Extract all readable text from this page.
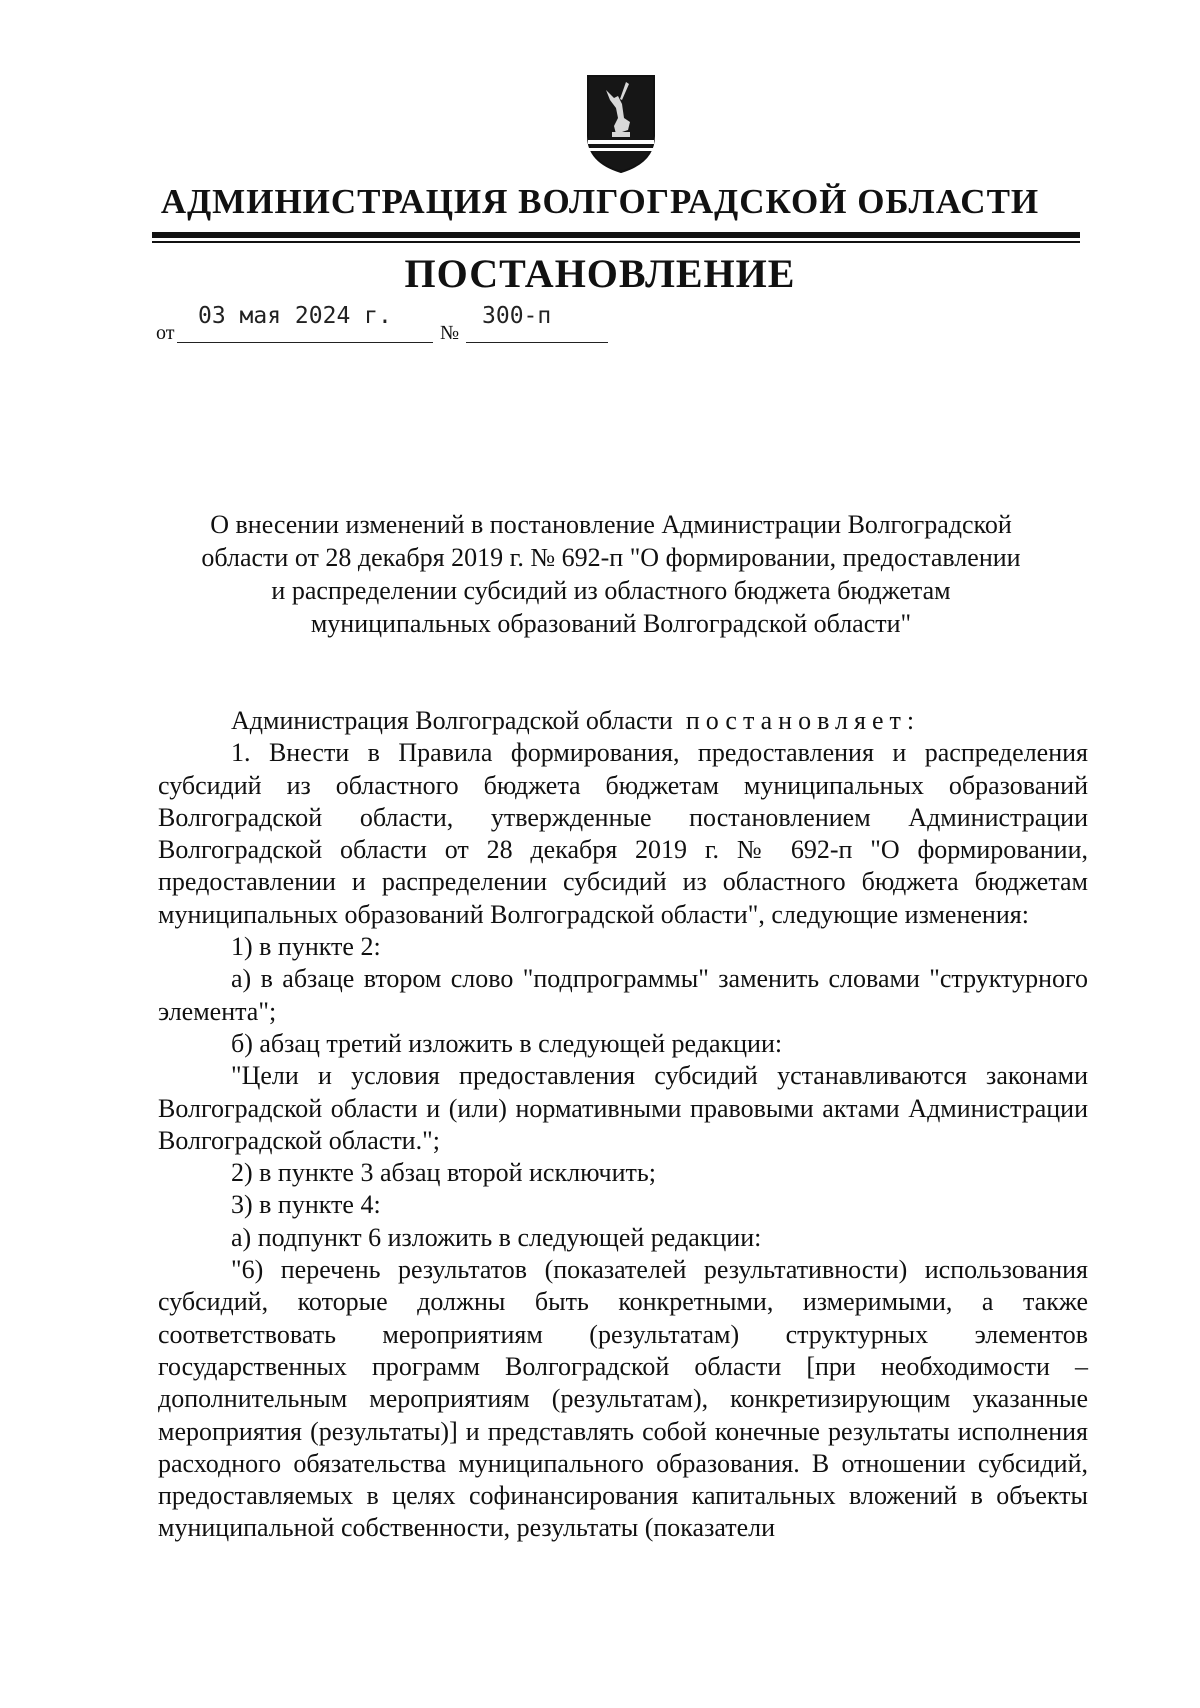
АДМИНИСТРАЦИЯ ВОЛГОГРАДСКОЙ ОБЛАСТИ
ПОСТАНОВЛЕНИЕ
от
03 мая 2024 г.
№
300-п
О внесении изменений в постановление Администрации Волгоградской
области от 28 декабря 2019 г. № 692-п "О формировании, предоставлении
и распределении субсидий из областного бюджета бюджетам
муниципальных образований Волгоградской области"

Администрация Волгоградской области постановляет:

1. Внести в Правила формирования, предоставления и распределения субсидий из областного бюджета бюджетам муниципальных образований Волгоградской области, утвержденные постановлением Администрации Волгоградской области от 28 декабря 2019 г. № 692-п "О формировании, предоставлении и распределении субсидий из областного бюджета бюджетам муниципальных образований Волгоградской области", следующие изменения:

1) в пункте 2:

а) в абзаце втором слово "подпрограммы" заменить словами "структурного элемента";

б) абзац третий изложить в следующей редакции:

"Цели и условия предоставления субсидий устанавливаются законами Волгоградской области и (или) нормативными правовыми актами Администрации Волгоградской области.";

2) в пункте 3 абзац второй исключить;

3) в пункте 4:

а) подпункт 6 изложить в следующей редакции:

"6) перечень результатов (показателей результативности) использования субсидий, которые должны быть конкретными, измеримыми, а также соответствовать мероприятиям (результатам) структурных элементов государственных программ Волгоградской области [при необходимости – дополнительным мероприятиям (результатам), конкретизирующим указанные мероприятия (результаты)] и представлять собой конечные результаты исполнения расходного обязательства муниципального образования. В отношении субсидий, предоставляемых в целях софинансирования капитальных вложений в объекты муниципальной собственности, результаты (показатели
